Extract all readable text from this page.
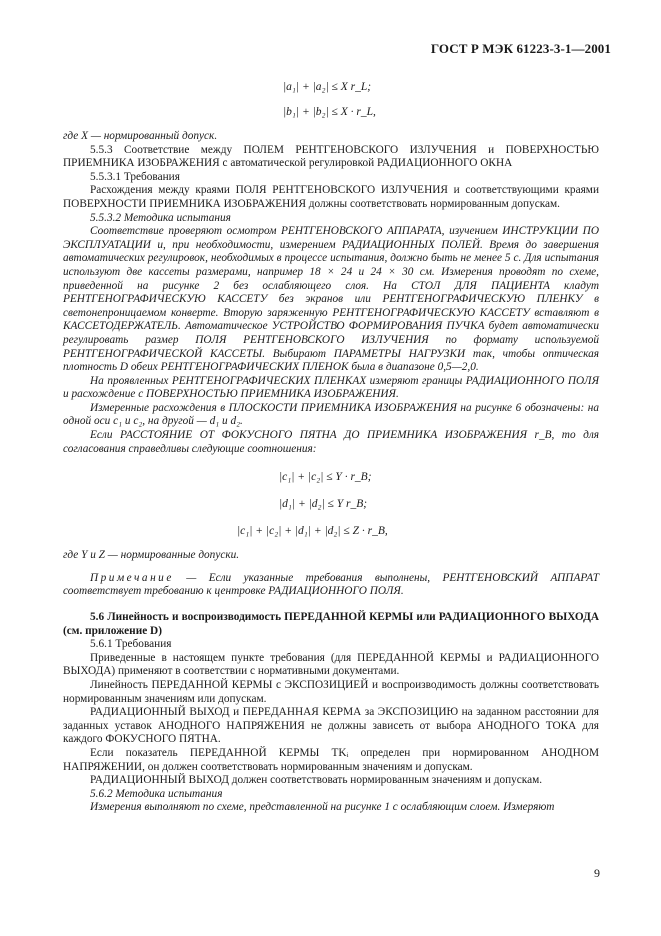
ГОСТ Р МЭК 61223-3-1—2001

|a₁| + |a₂| ≤ X r_L;

|b₁| + |b₂| ≤ X · r_L,

где X — нормированный допуск.

5.5.3 Соответствие между ПОЛЕМ РЕНТГЕНОВСКОГО ИЗЛУЧЕНИЯ и ПОВЕРХНОСТЬЮ ПРИЕМНИКА ИЗОБРАЖЕНИЯ с автоматической регулировкой РАДИАЦИОННОГО ОКНА

5.5.3.1 Требования

Расхождения между краями ПОЛЯ РЕНТГЕНОВСКОГО ИЗЛУЧЕНИЯ и соответствующими краями ПОВЕРХНОСТИ ПРИЕМНИКА ИЗОБРАЖЕНИЯ должны соответствовать нормированным допускам.

5.5.3.2 Методика испытания

Соответствие проверяют осмотром РЕНТГЕНОВСКОГО АППАРАТА, изучением ИНСТРУКЦИИ ПО ЭКСПЛУАТАЦИИ и, при необходимости, измерением РАДИАЦИОННЫХ ПОЛЕЙ. Время до завершения автоматических регулировок, необходимых в процессе испытания, должно быть не менее 5 с. Для испытания используют две кассеты размерами, например 18 × 24 и 24 × 30 см. Измерения проводят по схеме, приведенной на рисунке 2 без ослабляющего слоя. На СТОЛ ДЛЯ ПАЦИЕНТА кладут РЕНТГЕНОГРАФИЧЕСКУЮ КАССЕТУ без экранов или РЕНТГЕНОГРАФИЧЕСКУЮ ПЛЕНКУ в светонепроницаемом конверте. Вторую заряженную РЕНТГЕНОГРАФИЧЕСКУЮ КАССЕТУ вставляют в КАССЕТОДЕРЖАТЕЛЬ. Автоматическое УСТРОЙСТВО ФОРМИРОВАНИЯ ПУЧКА будет автоматически регулировать размер ПОЛЯ РЕНТГЕНОВСКОГО ИЗЛУЧЕНИЯ по формату используемой РЕНТГЕНОГРАФИЧЕСКОЙ КАССЕТЫ. Выбирают ПАРАМЕТРЫ НАГРУЗКИ так, чтобы оптическая плотность D обеих РЕНТГЕНОГРАФИЧЕСКИХ ПЛЕНОК была в диапазоне 0,5—2,0.

На проявленных РЕНТГЕНОГРАФИЧЕСКИХ ПЛЕНКАХ измеряют границы РАДИАЦИОННОГО ПОЛЯ и расхождение с ПОВЕРХНОСТЬЮ ПРИЕМНИКА ИЗОБРАЖЕНИЯ.

Измеренные расхождения в ПЛОСКОСТИ ПРИЕМНИКА ИЗОБРАЖЕНИЯ на рисунке 6 обозначены: на одной оси c₁ и c₂, на другой — d₁ и d₂.

Если РАССТОЯНИЕ ОТ ФОКУСНОГО ПЯТНА ДО ПРИЕМНИКА ИЗОБРАЖЕНИЯ r_B, то для согласования справедливы следующие соотношения:

|c₁| + |c₂| ≤ Y · r_B;

|d₁| + |d₂| ≤ Y r_B;

|c₁| + |c₂| + |d₁| + |d₂| ≤ Z · r_B,

где Y и Z — нормированные допуски.

Примечание — Если указанные требования выполнены, РЕНТГЕНОВСКИЙ АППАРАТ соответствует требованию к центровке РАДИАЦИОННОГО ПОЛЯ.

5.6 Линейность и воспроизводимость ПЕРЕДАННОЙ КЕРМЫ или РАДИАЦИОННОГО ВЫХОДА (см. приложение D)

5.6.1 Требования

Приведенные в настоящем пункте требования (для ПЕРЕДАННОЙ КЕРМЫ и РАДИАЦИОННОГО ВЫХОДА) применяют в соответствии с нормативными документами.

Линейность ПЕРЕДАННОЙ КЕРМЫ с ЭКСПОЗИЦИЕЙ и воспроизводимость должны соответствовать нормированным значениям или допускам.

РАДИАЦИОННЫЙ ВЫХОД и ПЕРЕДАННАЯ КЕРМА за ЭКСПОЗИЦИЮ на заданном расстоянии для заданных уставок АНОДНОГО НАПРЯЖЕНИЯ не должны зависеть от выбора АНОДНОГО ТОКА для каждого ФОКУСНОГО ПЯТНА.

Если показатель ПЕРЕДАННОЙ КЕРМЫ TKᵢ определен при нормированном АНОДНОМ НАПРЯЖЕНИИ, он должен соответствовать нормированным значениям и допускам.

РАДИАЦИОННЫЙ ВЫХОД должен соответствовать нормированным значениям и допускам.

5.6.2 Методика испытания

Измерения выполняют по схеме, представленной на рисунке 1 с ослабляющим слоем. Измеряют

9
